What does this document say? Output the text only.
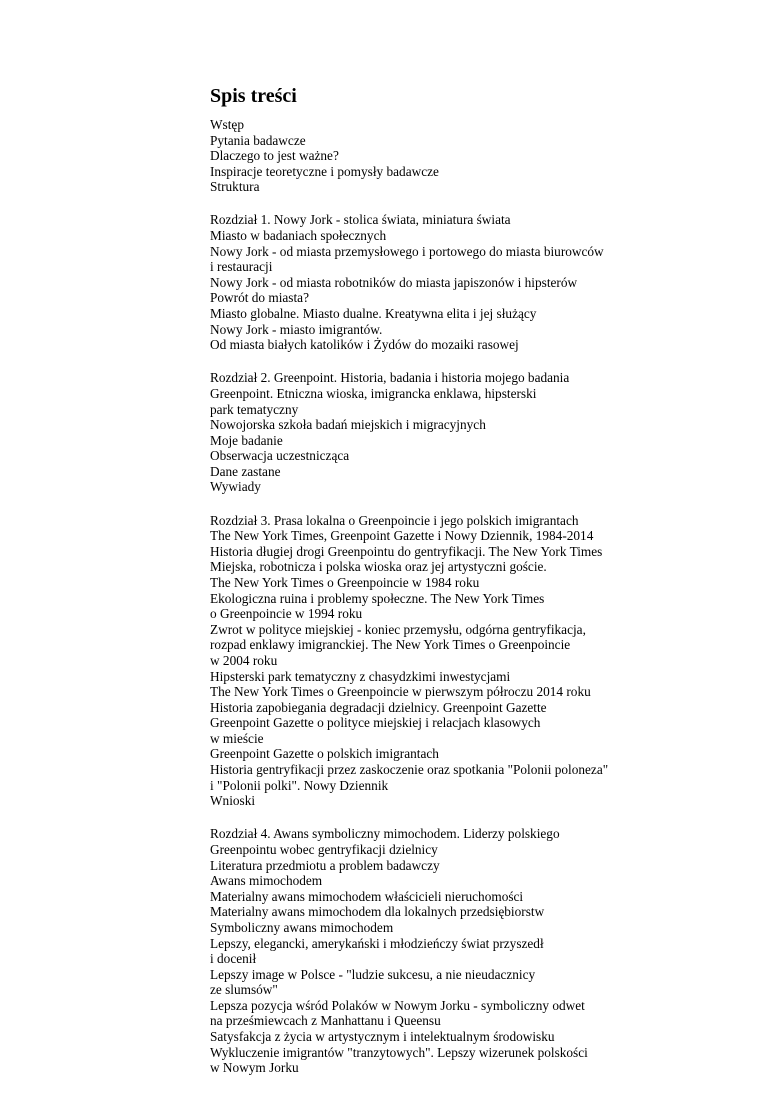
Spis treści
Wstęp
Pytania badawcze
Dlaczego to jest ważne?
Inspiracje teoretyczne i pomysły badawcze
Struktura
Rozdział 1. Nowy Jork - stolica świata, miniatura świata
Miasto w badaniach społecznych
Nowy Jork - od miasta przemysłowego i portowego do miasta biurowców
i restauracji
Nowy Jork - od miasta robotników do miasta japiszonów i hipsterów
Powrót do miasta?
Miasto globalne. Miasto dualne. Kreatywna elita i jej służący
Nowy Jork - miasto imigrantów.
Od miasta białych katolików i Żydów do mozaiki rasowej
Rozdział 2. Greenpoint. Historia, badania i historia mojego badania
Greenpoint. Etniczna wioska, imigrancka enklawa, hipsterski
park tematyczny
Nowojorska szkoła badań miejskich i migracyjnych
Moje badanie
Obserwacja uczestnicząca
Dane zastane
Wywiady
Rozdział 3. Prasa lokalna o Greenpoincie i jego polskich imigrantach
The New York Times, Greenpoint Gazette i Nowy Dziennik, 1984-2014
Historia długiej drogi Greenpointu do gentryfikacji. The New York Times
Miejska, robotnicza i polska wioska oraz jej artystyczni goście.
The New York Times o Greenpoincie w 1984 roku
Ekologiczna ruina i problemy społeczne. The New York Times
o Greenpoincie w 1994 roku
Zwrot w polityce miejskiej - koniec przemysłu, odgórna gentryfikacja,
rozpad enklawy imigranckiej. The New York Times o Greenpoincie
w 2004 roku
Hipsterski park tematyczny z chasydzkimi inwestycjami
The New York Times o Greenpoincie w pierwszym półroczu 2014 roku
Historia zapobiegania degradacji dzielnicy. Greenpoint Gazette
Greenpoint Gazette o polityce miejskiej i relacjach klasowych
w mieście
Greenpoint Gazette o polskich imigrantach
Historia gentryfikacji przez zaskoczenie oraz spotkania "Polonii poloneza"
i "Polonii polki". Nowy Dziennik
Wnioski
Rozdział 4. Awans symboliczny mimochodem. Liderzy polskiego
Greenpointu wobec gentryfikacji dzielnicy
Literatura przedmiotu a problem badawczy
Awans mimochodem
Materialny awans mimochodem właścicieli nieruchomości
Materialny awans mimochodem dla lokalnych przedsiębiorstw
Symboliczny awans mimochodem
Lepszy, elegancki, amerykański i młodzieńczy świat przyszedł
i docenił
Lepszy image w Polsce - "ludzie sukcesu, a nie nieudacznicy
ze slumsów"
Lepsza pozycja wśród Polaków w Nowym Jorku - symboliczny odwet
na prześmiewcach z Manhattanu i Queensu
Satysfakcja z życia w artystycznym i intelektualnym środowisku
Wykluczenie imigrantów "tranzytowych". Lepszy wizerunek polskości
w Nowym Jorku
